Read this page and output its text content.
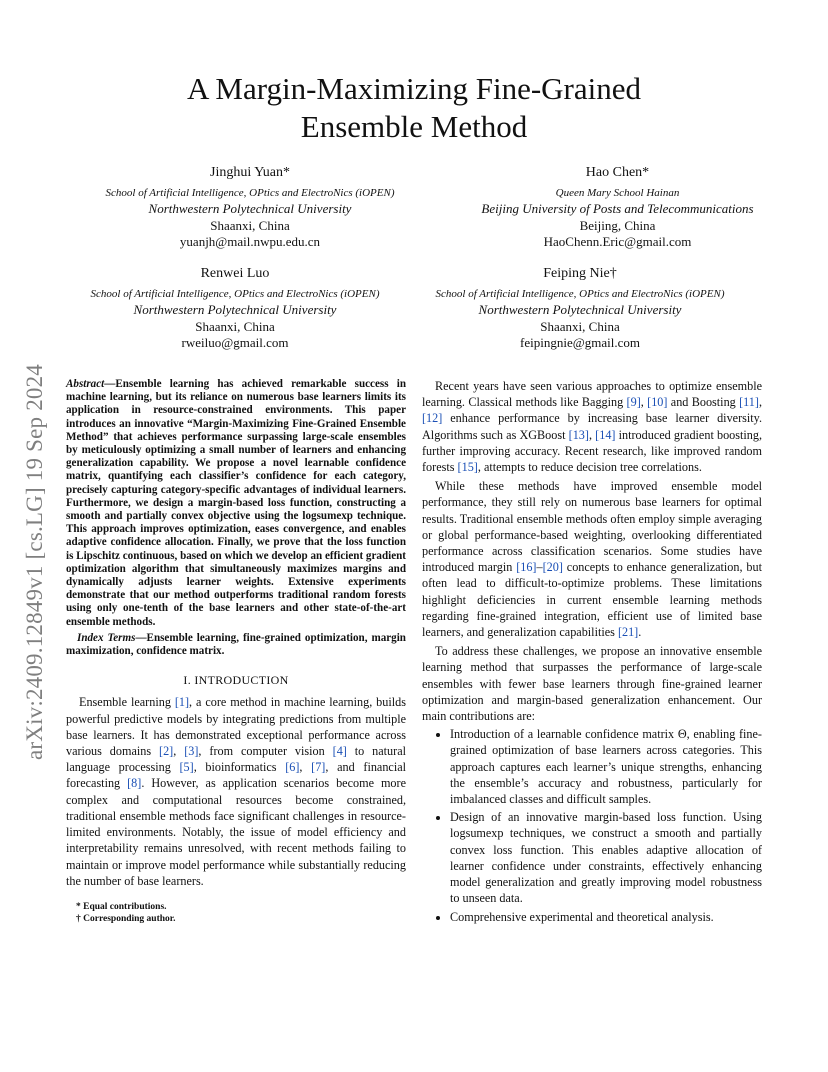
arXiv:2409.12849v1 [cs.LG] 19 Sep 2024
A Margin-Maximizing Fine-Grained
Ensemble Method
Jinghui Yuan*
School of Artificial Intelligence, OPtics and ElectroNics (iOPEN)
Northwestern Polytechnical University
Shaanxi, China
yuanjh@mail.nwpu.edu.cn
Hao Chen*
Queen Mary School Hainan
Beijing University of Posts and Telecommunications
Beijing, China
HaoChenn.Eric@gmail.com
Renwei Luo
School of Artificial Intelligence, OPtics and ElectroNics (iOPEN)
Northwestern Polytechnical University
Shaanxi, China
rweiluo@gmail.com
Feiping Nie†
School of Artificial Intelligence, OPtics and ElectroNics (iOPEN)
Northwestern Polytechnical University
Shaanxi, China
feipingnie@gmail.com

Abstract—Ensemble learning has achieved remarkable success in machine learning, but its reliance on numerous base learners limits its application in resource-constrained environments. This paper introduces an innovative “Margin-Maximizing Fine-Grained Ensemble Method” that achieves performance surpassing large-scale ensembles by meticulously optimizing a small number of learners and enhancing generalization capability. We propose a novel learnable confidence matrix, quantifying each classifier’s confidence for each category, precisely capturing category-specific advantages of individual learners. Furthermore, we design a margin-based loss function, constructing a smooth and partially convex objective using the logsumexp technique. This approach improves optimization, eases convergence, and enables adaptive confidence allocation. Finally, we prove that the loss function is Lipschitz continuous, based on which we develop an efficient gradient optimization algorithm that simultaneously maximizes margins and dynamically adjusts learner weights. Extensive experiments demonstrate that our method outperforms traditional random forests using only one-tenth of the base learners and other state-of-the-art ensemble methods.

Index Terms—Ensemble learning, fine-grained optimization, margin maximization, confidence matrix.

I. INTRODUCTION

Ensemble learning [1], a core method in machine learning, builds powerful predictive models by integrating predictions from multiple base learners. It has demonstrated exceptional performance across various domains [2], [3], from computer vision [4] to natural language processing [5], bioinformatics [6], [7], and financial forecasting [8]. However, as application scenarios become more complex and computational resources become constrained, traditional ensemble methods face significant challenges in resource-limited environments. Notably, the issue of model efficiency and interpretability remains unresolved, with recent methods failing to maintain or improve model performance while substantially reducing the number of base learners.

* Equal contributions.
† Corresponding author.

Recent years have seen various approaches to optimize ensemble learning. Classical methods like Bagging [9], [10] and Boosting [11], [12] enhance performance by increasing base learner diversity. Algorithms such as XGBoost [13], [14] introduced gradient boosting, further improving accuracy. Recent research, like improved random forests [15], attempts to reduce decision tree correlations.

While these methods have improved ensemble model performance, they still rely on numerous base learners for optimal results. Traditional ensemble methods often employ simple averaging or global performance-based weighting, overlooking differentiated performance across classification scenarios. Some studies have introduced margin [16]–[20] concepts to enhance generalization, but often lead to difficult-to-optimize problems. These limitations highlight deficiencies in current ensemble learning methods regarding fine-grained integration, efficient use of limited base learners, and generalization capabilities [21].

To address these challenges, we propose an innovative ensemble learning method that surpasses the performance of large-scale ensembles with fewer base learners through fine-grained learner optimization and margin-based generalization enhancement. Our main contributions are:

• Introduction of a learnable confidence matrix Θ, enabling fine-grained optimization of base learners across categories. This approach captures each learner’s unique strengths, enhancing the ensemble’s accuracy and robustness, particularly for imbalanced classes and difficult samples.
• Design of an innovative margin-based loss function. Using logsumexp techniques, we construct a smooth and partially convex loss function. This enables adaptive allocation of learner confidence under constraints, effectively enhancing model generalization and greatly improving model robustness to unseen data.
• Comprehensive experimental and theoretical analysis.
